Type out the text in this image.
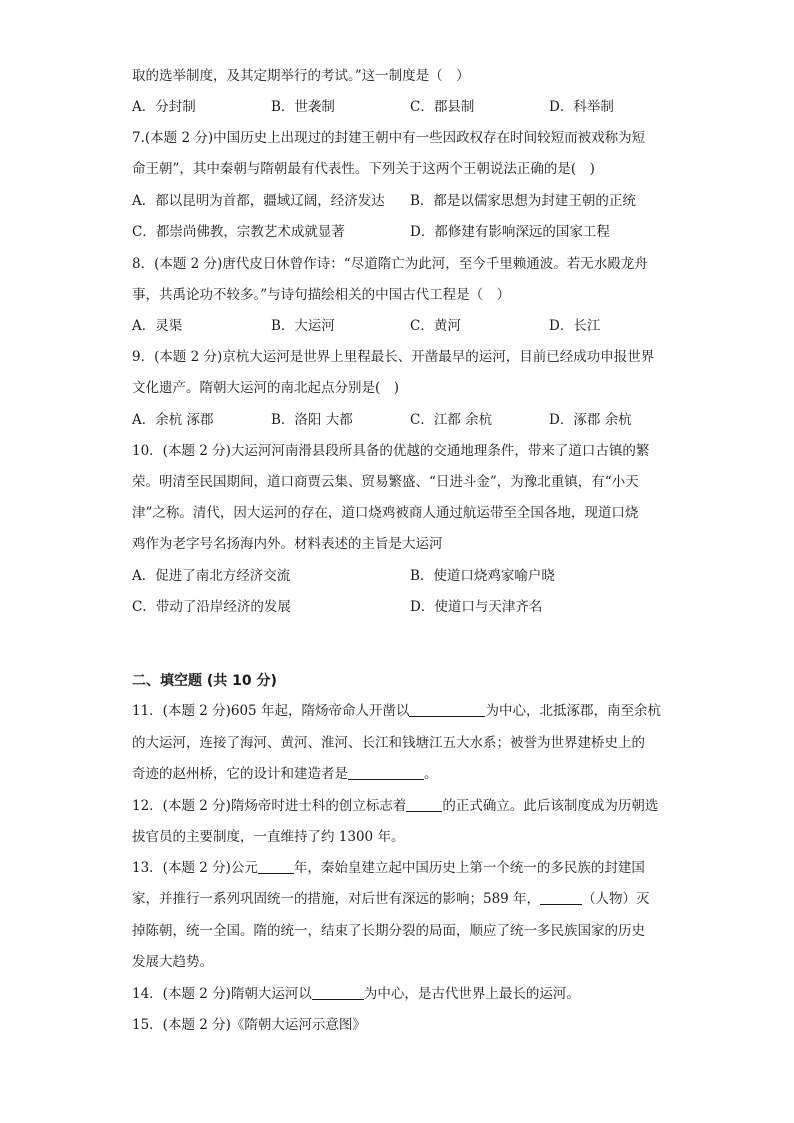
取的选举制度，及其定期举行的考试。”这一制度是（　）
A．分封制	B．世袭制	C．郡县制	D．科举制
7.(本题 2 分)中国历史上出现过的封建王朝中有一些因政权存在时间较短而被戏称为短
命王朝”，其中秦朝与隋朝最有代表性。下列关于这两个王朝说法正确的是(　)
A．都以昆明为首都，疆域辽阔，经济发达 B．都是以儒家思想为封建王朝的正统
C．都崇尚佛教，宗教艺术成就显著	D．都修建有影响深远的国家工程
8．(本题 2 分)唐代皮日休曾作诗：“尽道隋亡为此河，至今千里赖通波。若无水殿龙舟
事，共禹论功不较多。”与诗句描绘相关的中国古代工程是（　）
A．灵渠	B．大运河	C．黄河	D．长江
9．(本题 2 分)京杭大运河是世界上里程最长、开凿最早的运河，目前已经成功申报世界
文化遗产。隋朝大运河的南北起点分别是(　)
A．余杭 涿郡	B．洛阳 大都	C．江都 余杭	D．涿郡 余杭
10．(本题 2 分)大运河河南滑县段所具备的优越的交通地理条件，带来了道口古镇的繁
荣。明清至民国期间，道口商贾云集、贸易繁盛、“日进斗金”，为豫北重镇，有“小天
津”之称。清代，因大运河的存在，道口烧鸡被商人通过航运带至全国各地，现道口烧
鸡作为老字号名扬海内外。材料表述的主旨是大运河
A．促进了南北方经济交流	B．使道口烧鸡家喻户晓
C．带动了沿岸经济的发展	D．使道口与天津齐名
二、填空题 (共 10 分)
11．(本题 2 分)605 年起，隋炀帝命人开凿以	为中心，北抵涿郡，南至余杭
的大运河，连接了海河、黄河、淮河、长江和钱塘江五大水系；被誉为世界建桥史上的
奇迹的赵州桥，它的设计和建造者是	。
12．(本题 2 分)隋炀帝时进士科的创立标志着	的正式确立。此后该制度成为历朝选
拔官员的主要制度，一直维持了约 1300 年。
13．(本题 2 分)公元	年，秦始皇建立起中国历史上第一个统一的多民族的封建国
家，并推行一系列巩固统一的措施，对后世有深远的影响；589 年，	（人物）灭
掉陈朝，统一全国。隋的统一，结束了长期分裂的局面，顺应了统一多民族国家的历史
发展大趋势。
14．(本题 2 分)隋朝大运河以	为中心，是古代世界上最长的运河。
15．(本题 2 分)《隋朝大运河示意图》
